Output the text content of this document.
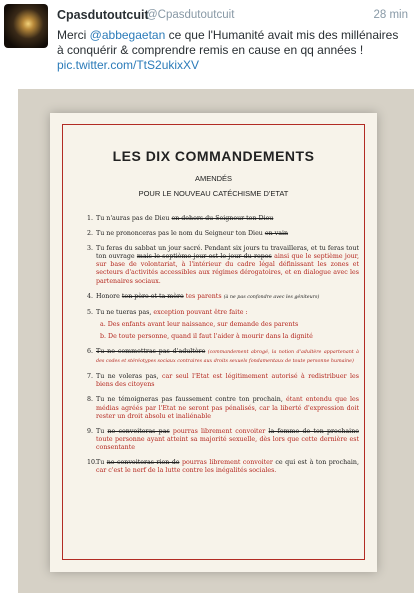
Cpasdutoutcuit
@Cpasdutoutcuit	28 min
Merci @abbegaetan ce que l'Humanité avait mis des millénaires à conquérir & comprendre remis en cause en qq années !
pic.twitter.com/TtS2ukixXV
LES DIX COMMANDEMENTS
AMENDÉS
POUR LE NOUVEAU CATÉCHISME D'ETAT
1. Tu n'auras pas de Dieu en dehors du Seigneur ton Dieu
2. Tu ne prononceras pas le nom du Seigneur ton Dieu en vain
3. Tu feras du sabbat un jour sacré. Pendant six jours tu travailleras, et tu feras tout ton ouvrage mais le septième jour est le jour du repos ainsi que le septième jour, sur base de volontariat, à l'intérieur du cadre légal définissant les zones et secteurs d'activités accessibles aux régimes dérogatoires, et en dialogue avec les partenaires sociaux.
4. Honore ton père et ta mère tes parents (à ne pas confondre avec les géniteurs)
5. Tu ne tueras pas, exception pouvant être faite :
a. Des enfants avant leur naissance, sur demande des parents
b. De toute personne, quand il faut l'aider à mourir dans la dignité
6. Tu ne commettras pas d'adultère (commandement abrogé, la notion d'adultère appartenant à des codes et stéréotypes sociaux contraires aux droits sexuels fondamentaux de toute personne humaine)
7. Tu ne voleras pas, car seul l'Etat est légitimement autorisé à redistribuer les biens des citoyens
8. Tu ne témoigneras pas faussement contre ton prochain, étant entendu que les médias agréés par l'Etat ne seront pas pénalisés, car la liberté d'expression doit rester un droit absolu et inaliénable
9. Tu ne convoiteras pas pourras librement convoiter la femme de ton prochaine toute personne ayant atteint sa majorité sexuelle, dès lors que cette dernière est consentante
10.
Tu ne convoiteras rien de pourras librement convoiter ce qui est à ton prochain, car c'est le nerf de la lutte contre les inégalités sociales.
